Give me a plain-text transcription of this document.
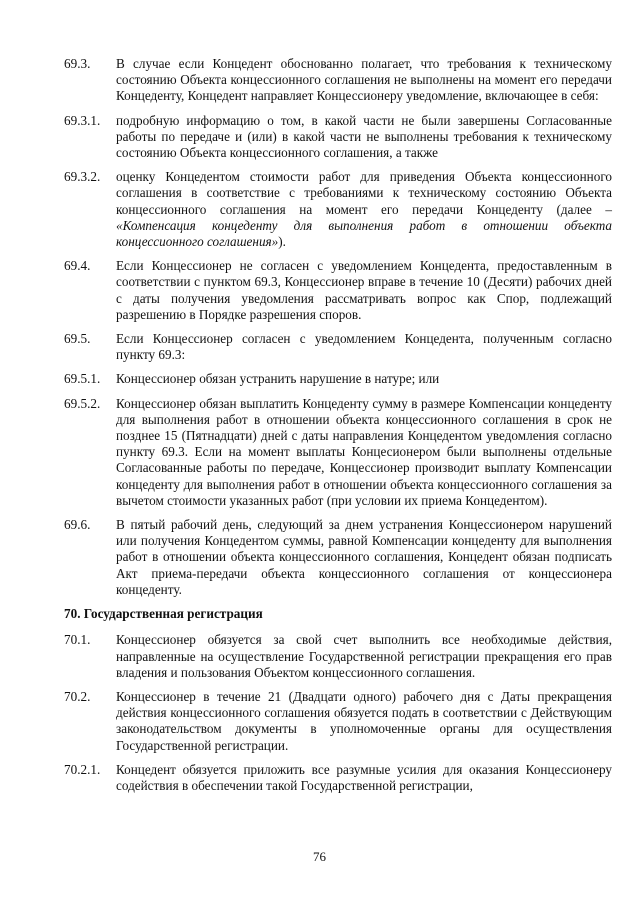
69.3.	В случае если Концедент обоснованно полагает, что требования к техническому состоянию Объекта концессионного соглашения не выполнены на момент его передачи Концеденту, Концедент направляет Концессионеру уведомление, включающее в себя:
69.3.1.	подробную информацию о том, в какой части не были завершены Согласованные работы по передаче и (или) в какой части не выполнены требования к техническому состоянию Объекта концессионного соглашения, а также
69.3.2.	оценку Концедентом стоимости работ для приведения Объекта концессионного соглашения в соответствие с требованиями к техническому состоянию Объекта концессионного соглашения на момент его передачи Концеденту (далее – «Компенсация концеденту для выполнения работ в отношении объекта концессионного соглашения»).
69.4.	Если Концессионер не согласен с уведомлением Концедента, предоставленным в соответствии с пунктом 69.3, Концессионер вправе в течение 10 (Десяти) рабочих дней с даты получения уведомления рассматривать вопрос как Спор, подлежащий разрешению в Порядке разрешения споров.
69.5.	Если Концессионер согласен с уведомлением Концедента, полученным согласно пункту 69.3:
69.5.1.	Концессионер обязан устранить нарушение в натуре; или
69.5.2.	Концессионер обязан выплатить Концеденту сумму в размере Компенсации концеденту для выполнения работ в отношении объекта концессионного соглашения в срок не позднее 15 (Пятнадцати) дней с даты направления Концедентом уведомления согласно пункту 69.3. Если на момент выплаты Концесионером были выполнены отдельные Согласованные работы по передаче, Концессионер производит выплату Компенсации концеденту для выполнения работ в отношении объекта концессионного соглашения за вычетом стоимости указанных работ (при условии их приема Концедентом).
69.6.	В пятый рабочий день, следующий за днем устранения Концессионером нарушений или получения Концедентом суммы, равной Компенсации концеденту для выполнения работ в отношении объекта концессионного соглашения, Концедент обязан подписать Акт приема-передачи объекта концессионного соглашения от концессионера концеденту.
70. Государственная регистрация
70.1.	Концессионер обязуется за свой счет выполнить все необходимые действия, направленные на осуществление Государственной регистрации прекращения его прав владения и пользования Объектом концессионного соглашения.
70.2.	Концессионер в течение 21 (Двадцати одного) рабочего дня с Даты прекращения действия концессионного соглашения обязуется подать в соответствии с Действующим законодательством документы в уполномоченные органы для осуществления Государственной регистрации.
70.2.1.	Концедент обязуется приложить все разумные усилия для оказания Концессионеру содействия в обеспечении такой Государственной регистрации,
76
